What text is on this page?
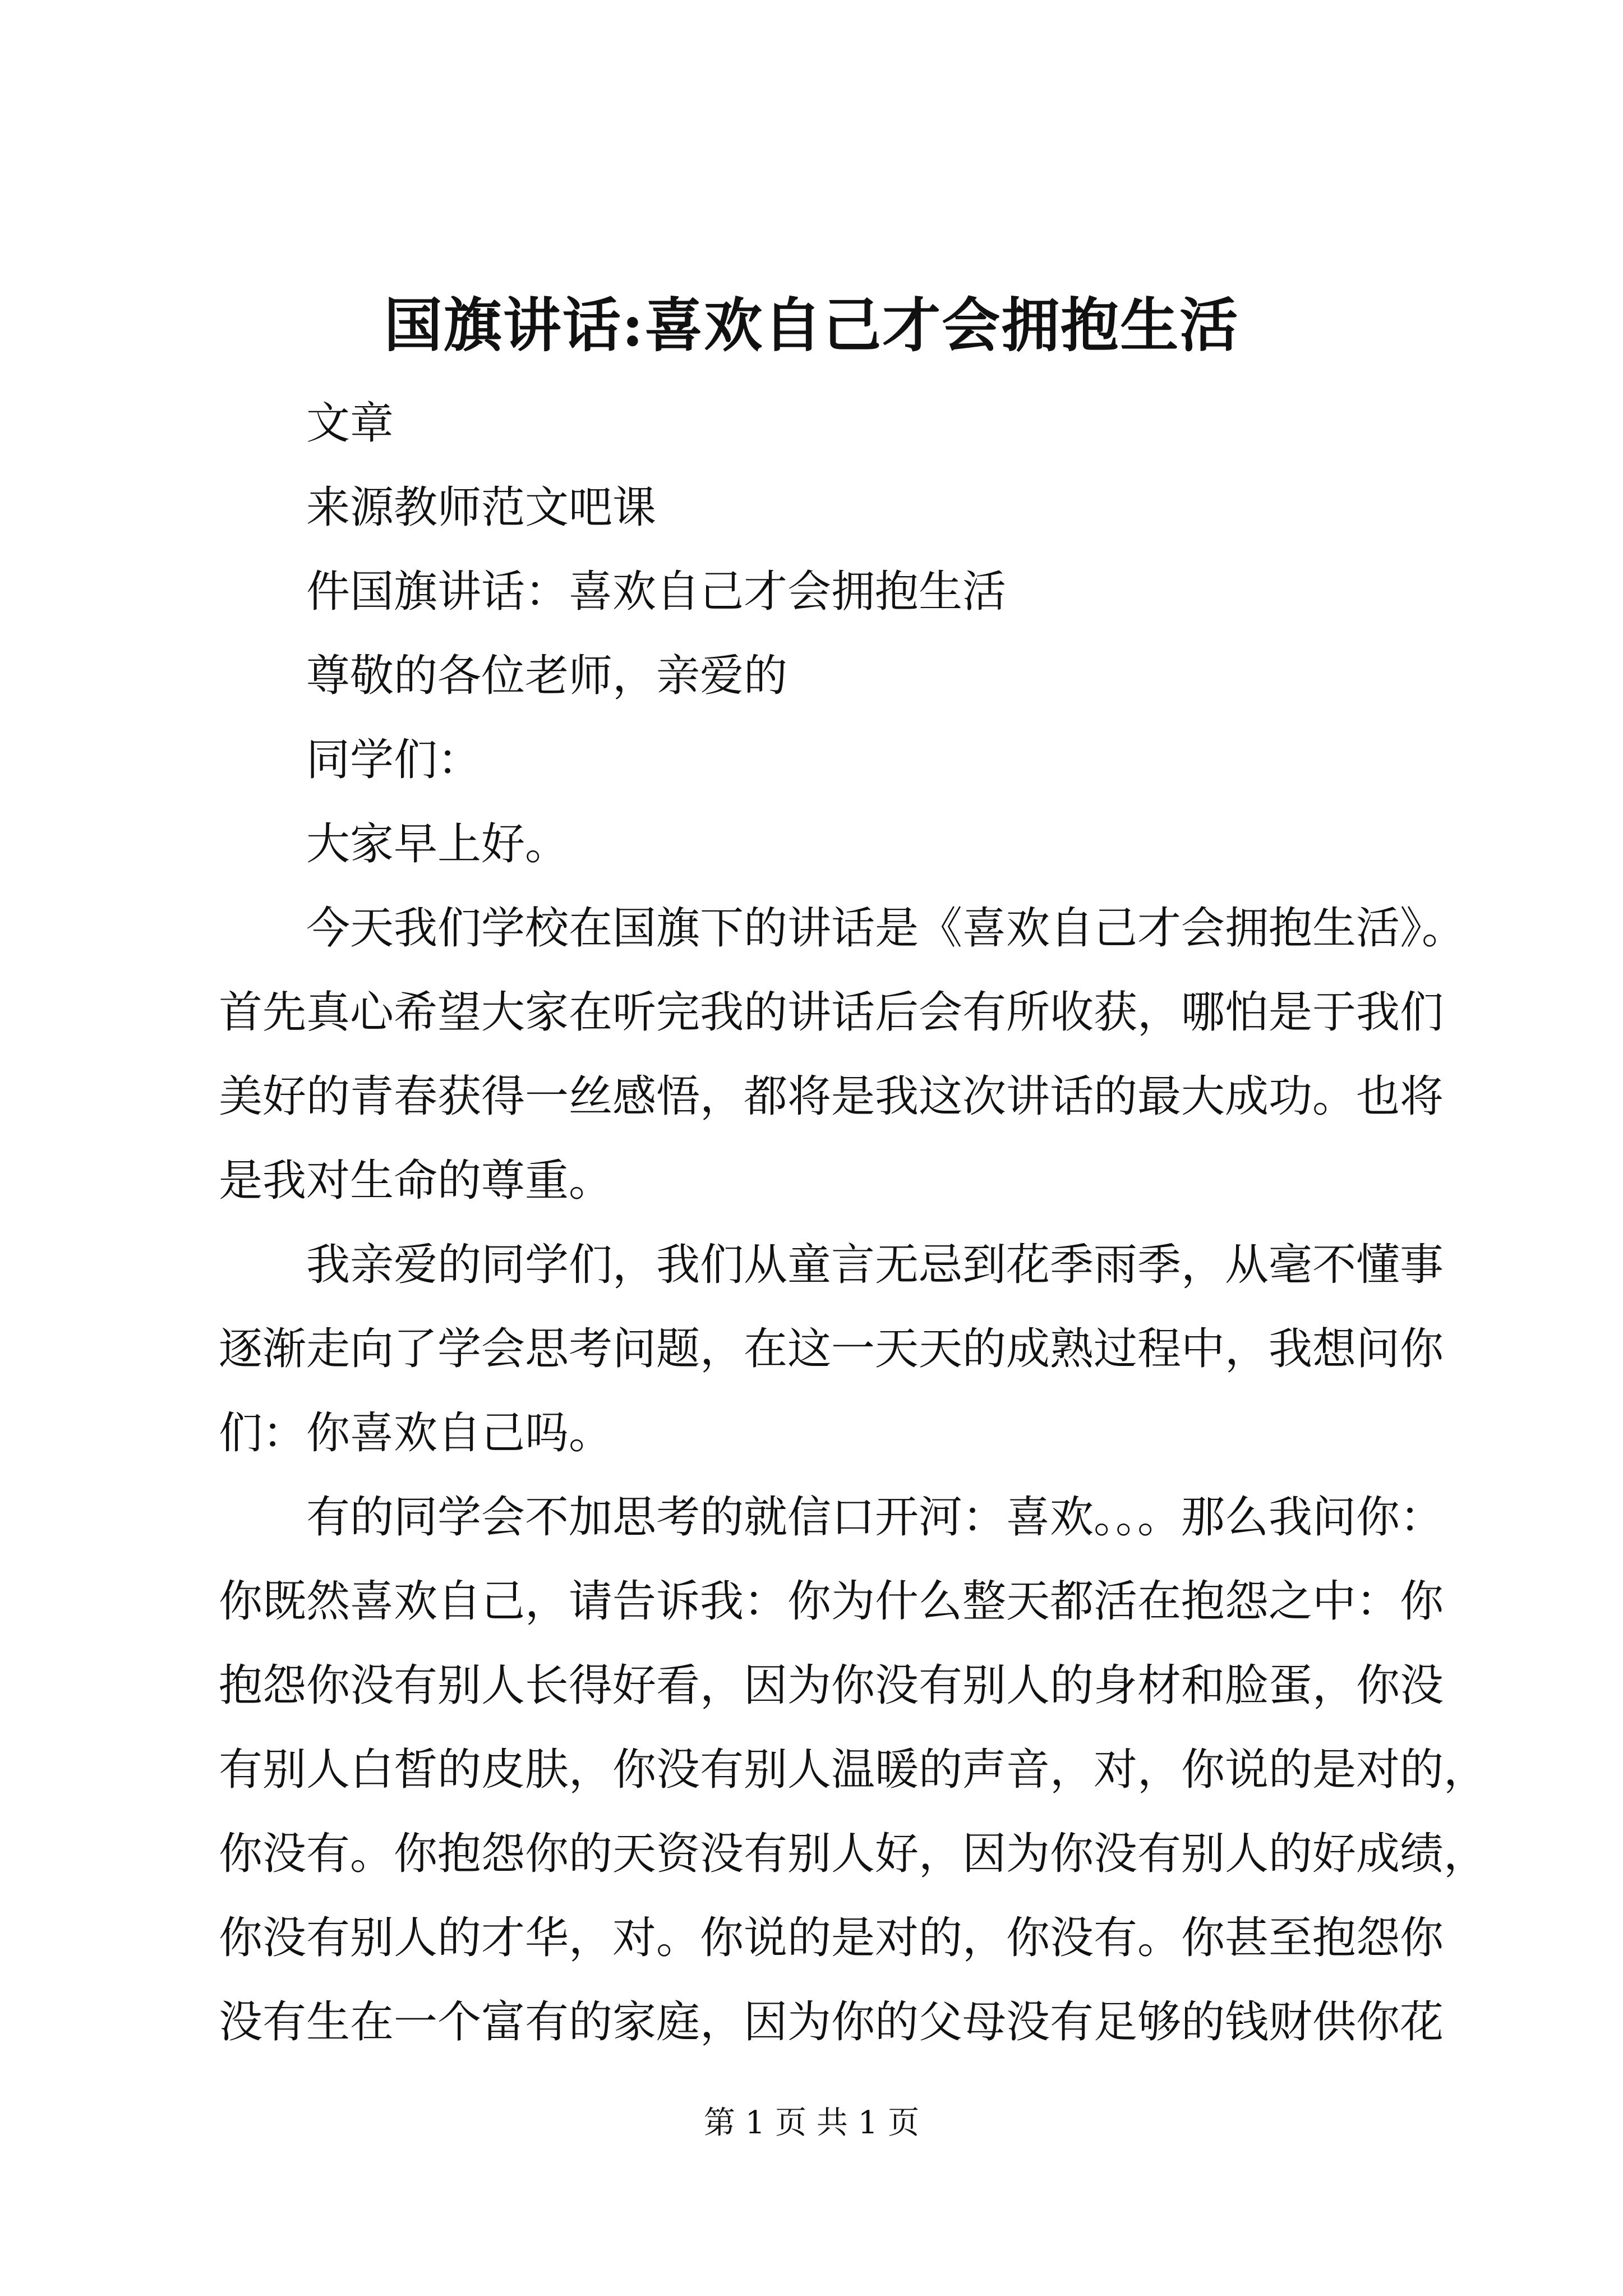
国旗讲话:喜欢自己才会拥抱生活

文章

来源教师范文吧课

件国旗讲话：喜欢自己才会拥抱生活

尊敬的各位老师，亲爱的

同学们：

大家早上好。

今天我们学校在国旗下的讲话是《喜欢自己才会拥抱生活》。

首先真心希望大家在听完我的讲话后会有所收获，哪怕是于我们

美好的青春获得一丝感悟，都将是我这次讲话的最大成功。也将

是我对生命的尊重。

我亲爱的同学们，我们从童言无忌到花季雨季，从毫不懂事

逐渐走向了学会思考问题，在这一天天的成熟过程中，我想问你

们：你喜欢自己吗。

有的同学会不加思考的就信口开河：喜欢。。。那么我问你：

你既然喜欢自己，请告诉我：你为什么整天都活在抱怨之中：你

抱怨你没有别人长得好看，因为你没有别人的身材和脸蛋，你没

有别人白皙的皮肤，你没有别人温暖的声音，对，你说的是对的，

你没有。你抱怨你的天资没有别人好，因为你没有别人的好成绩，

你没有别人的才华，对。你说的是对的，你没有。你甚至抱怨你

没有生在一个富有的家庭，因为你的父母没有足够的钱财供你花

第 1 页 共 1 页
